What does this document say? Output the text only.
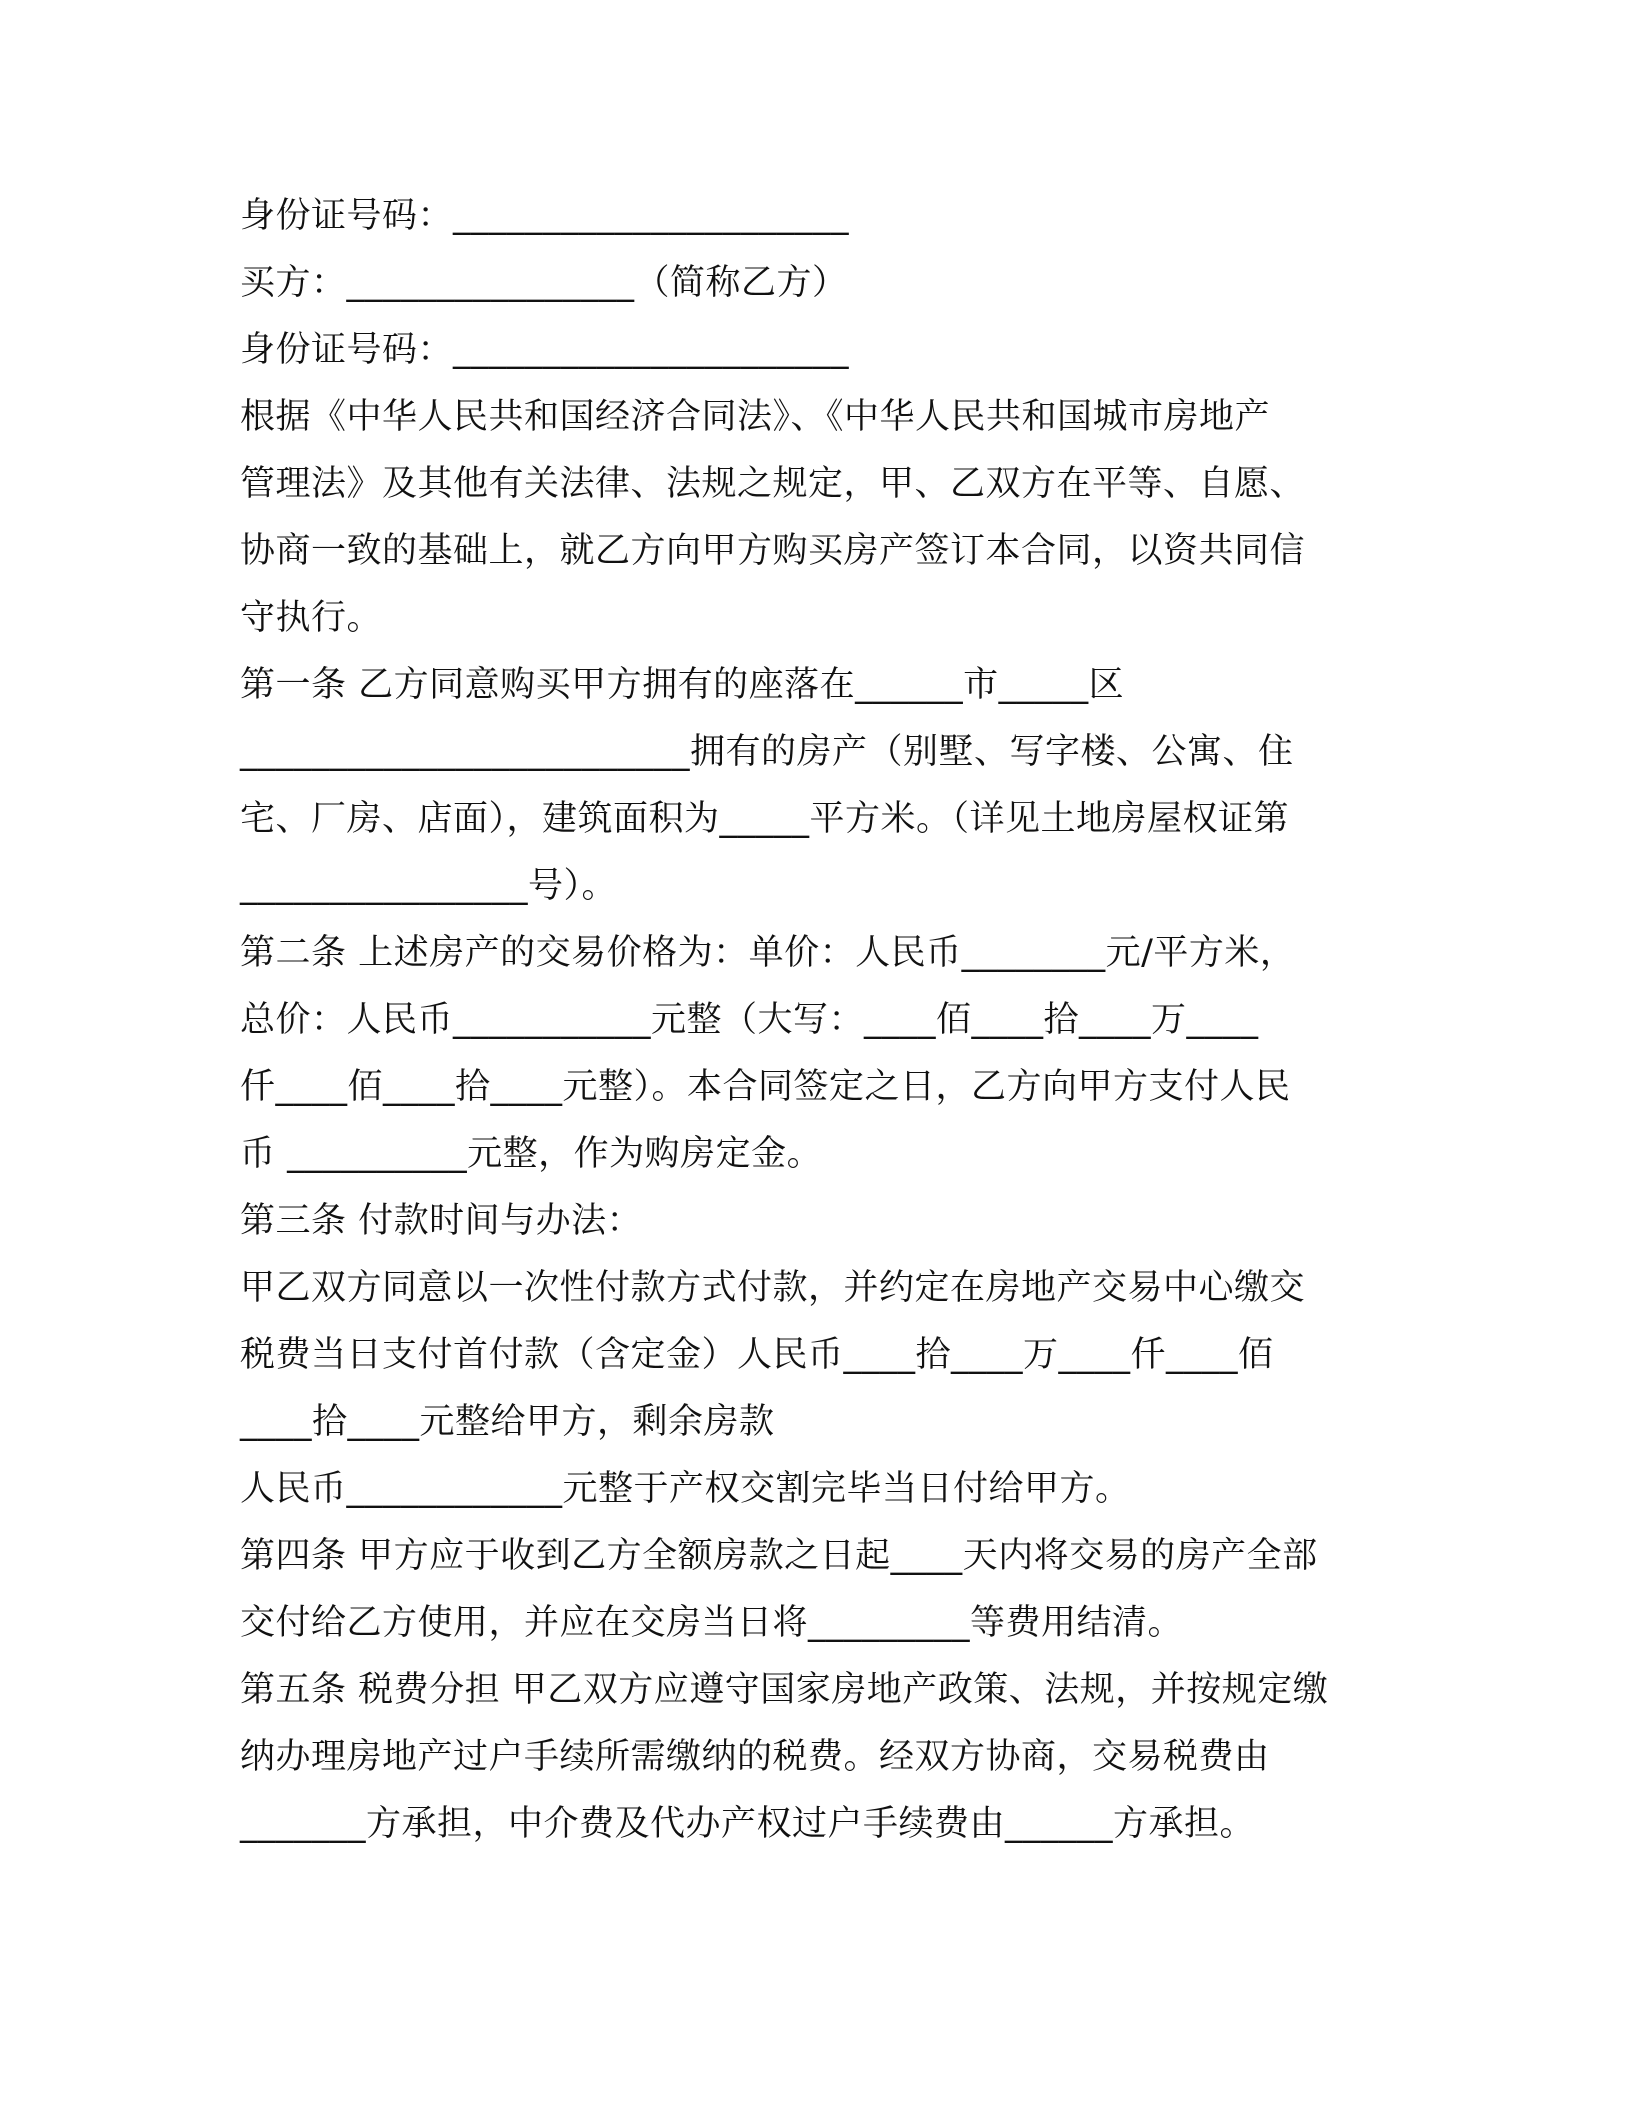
身份证号码：______________________
买方：________________（简称乙方）
身份证号码：______________________
根据《中华人民共和国经济合同法》、《中华人民共和国城市房地产
管理法》及其他有关法律、法规之规定，甲、乙双方在平等、自愿、
协商一致的基础上，就乙方向甲方购买房产签订本合同，以资共同信
守执行。
第一条 乙方同意购买甲方拥有的座落在______市_____区
_________________________拥有的房产（别墅、写字楼、公寓、住
宅、厂房、店面），建筑面积为_____平方米。（详见土地房屋权证第
________________号）。
第二条 上述房产的交易价格为：单价：人民币________元/平方米，
总价：人民币___________元整（大写：____佰____拾____万____
仟____佰____拾____元整）。本合同签定之日，乙方向甲方支付人民
币 __________元整，作为购房定金。
第三条 付款时间与办法：
甲乙双方同意以一次性付款方式付款，并约定在房地产交易中心缴交
税费当日支付首付款（含定金）人民币____拾____万____仟____佰
____拾____元整给甲方，剩余房款
人民币____________元整于产权交割完毕当日付给甲方。
第四条 甲方应于收到乙方全额房款之日起____天内将交易的房产全部
交付给乙方使用，并应在交房当日将_________等费用结清。
第五条 税费分担 甲乙双方应遵守国家房地产政策、法规，并按规定缴
纳办理房地产过户手续所需缴纳的税费。经双方协商，交易税费由
_______方承担，中介费及代办产权过户手续费由______方承担。
